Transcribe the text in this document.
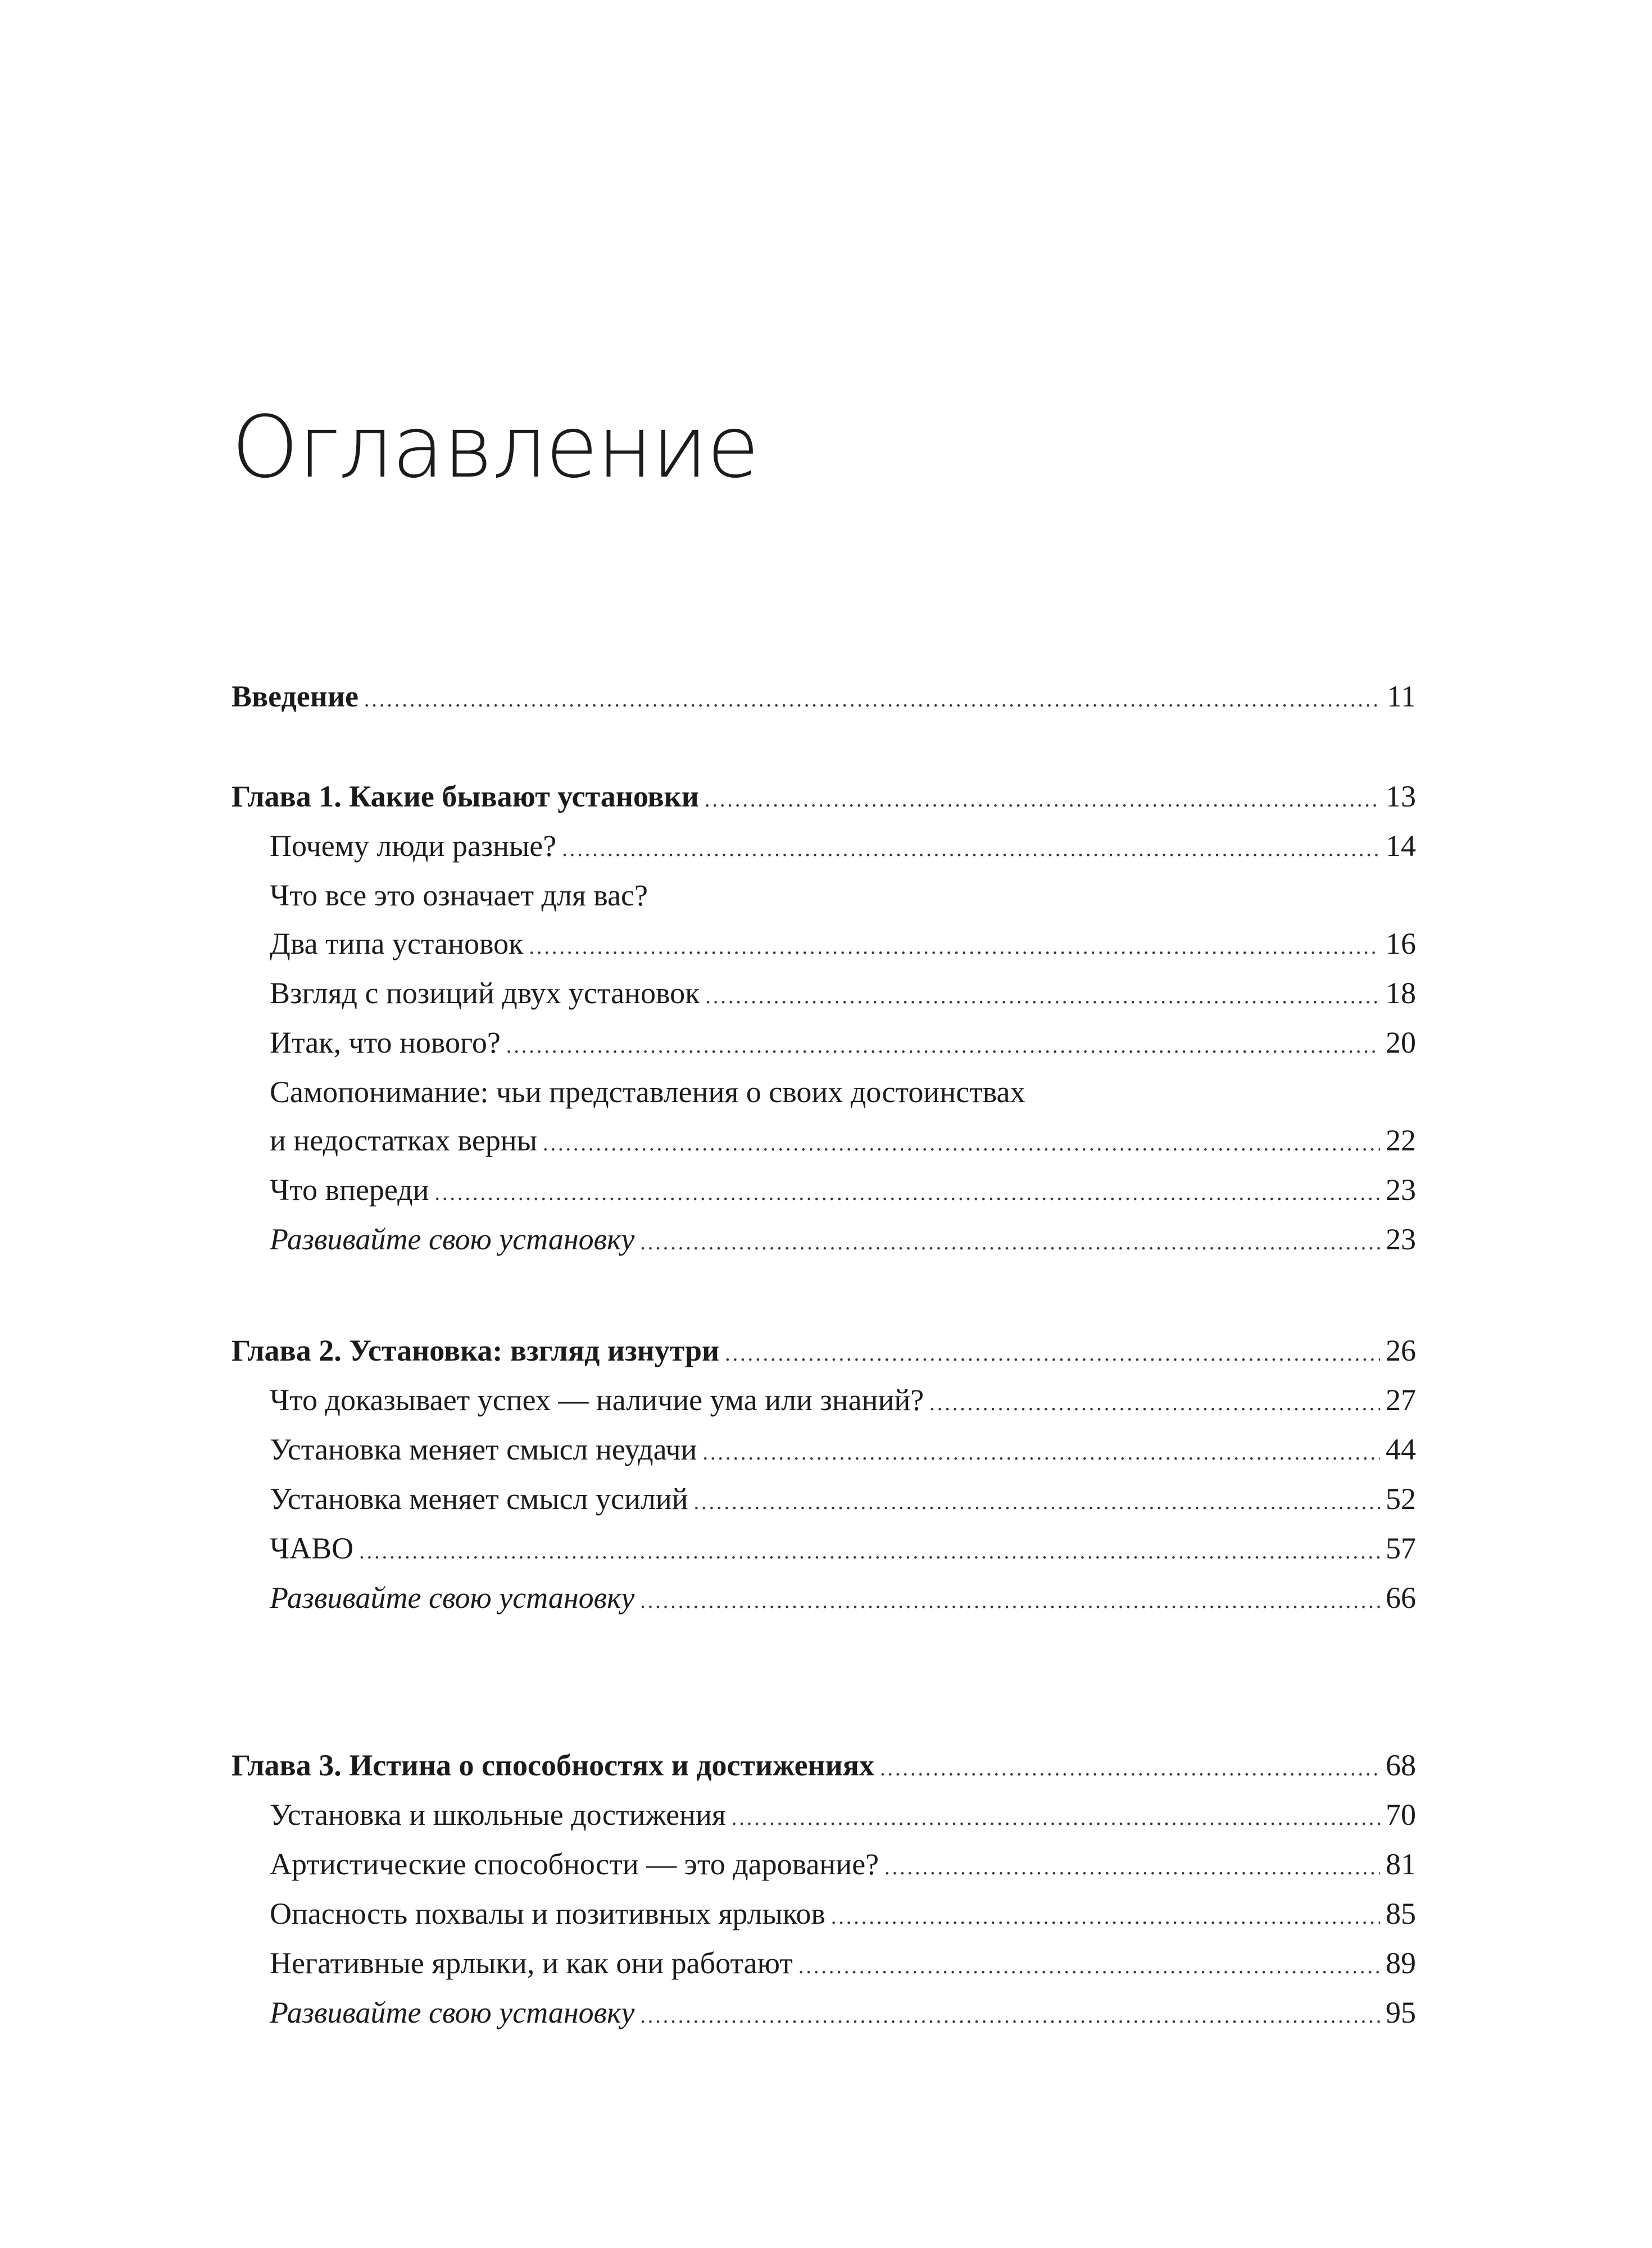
Оглавление
Введение .....	11
Глава 1. Какие бывают установки .....	13
Почему люди разные? .....	14
Что все это означает для вас?
Два типа установок .....	16
Взгляд с позиций двух установок .....	18
Итак, что нового? .....	20
Самопонимание: чьи представления о своих достоинствах
и недостатках верны .....	22
Что впереди .....	23
Развивайте свою установку .....	23
Глава 2. Установка: взгляд изнутри .....	26
Что доказывает успех — наличие ума или знаний? .....	27
Установка меняет смысл неудачи .....	44
Установка меняет смысл усилий .....	52
ЧАВО .....	57
Развивайте свою установку .....	66
Глава 3. Истина о способностях и достижениях .....	68
Установка и школьные достижения .....	70
Артистические способности — это дарование? .....	81
Опасность похвалы и позитивных ярлыков .....	85
Негативные ярлыки, и как они работают .....	89
Развивайте свою установку .....	95
